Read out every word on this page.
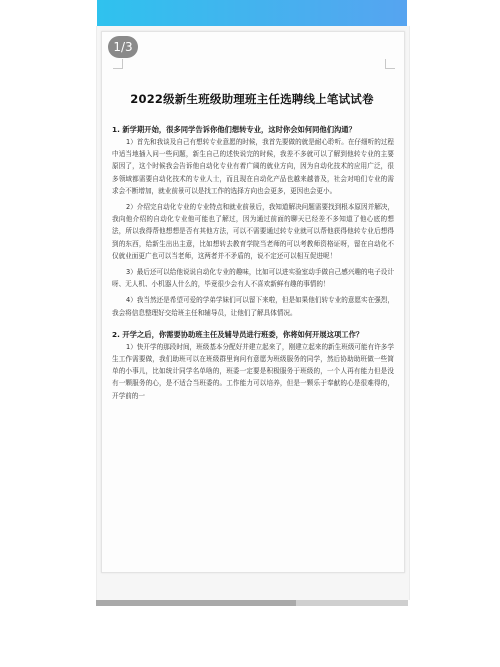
1/3
2022级新生班级助理班主任选聘线上笔试试卷

1. 新学期开始，很多同学告诉你他们想转专业，这时你会如何同他们沟通？

1）首先和我谈及自己有想转专业意愿的时候，我首先要做的就是耐心聆听。在仔细听的过程中适当地插入问一些问题，新生自己的述快说完的时候，我差不多就可以了解到他转专业的主要原因了，这个时候我会告诉他自动化专业有着广阔的就业方向，因为自动化技术的应用广泛，很多领域都需要自动化技术的专业人士，而且现在自动化产品也越来越普及，社会对咱们专业的需求会不断增加，就业前景可以是找工作的选择方向也会更多，更因也会更小。

2）介绍完自动化专业的专业特点和就业前景后，我知道解决问题需要找到根本原因并解决，我向他介绍的自动化专业他可能也了解过，因为通过前面的聊天已经差不多知道了他心底的想法，所以我得帮他想想是否有其他方法，可以不需要通过转专业就可以帮他获得他转专业后想得到的东西，给新生出出主意，比如想转去教育学院当老师的可以考教师资格证呀，留在自动化不仅就业面更广也可以当老师，这两者并不矛盾的，说不定还可以相互促进呢！

3）最后还可以给他说说自动化专业的趣味，比如可以进实验室动手做自己感兴趣的电子设计呀、无人机、小机器人什么的，毕竟很少会有人不喜欢新鲜有趣的事情的！

4）我当然还是希望可爱的学弟学妹们可以留下来啦，但是如果他们转专业的意愿实在强烈，我会将信息整理好交给班主任和辅导员，让他们了解具体情况。

2. 开学之后，你需要协助班主任及辅导员进行班委，你将如何开展这项工作？

1）快开学的那段时间，班级基本分配好并建立起来了，刚建立起来的新生班级可能有许多学生工作需要做，我们助班可以在班级群里询问有意愿为班级服务的同学，然后协助助班做一些简单的小事儿，比如统计同学名单啥的，班委一定要是积极服务于班级的，一个人再有能力但是没有一颗服务的心，是不适合当班委的。工作能力可以培养，但是一颗乐于奉献的心是很难得的，开学前的一
